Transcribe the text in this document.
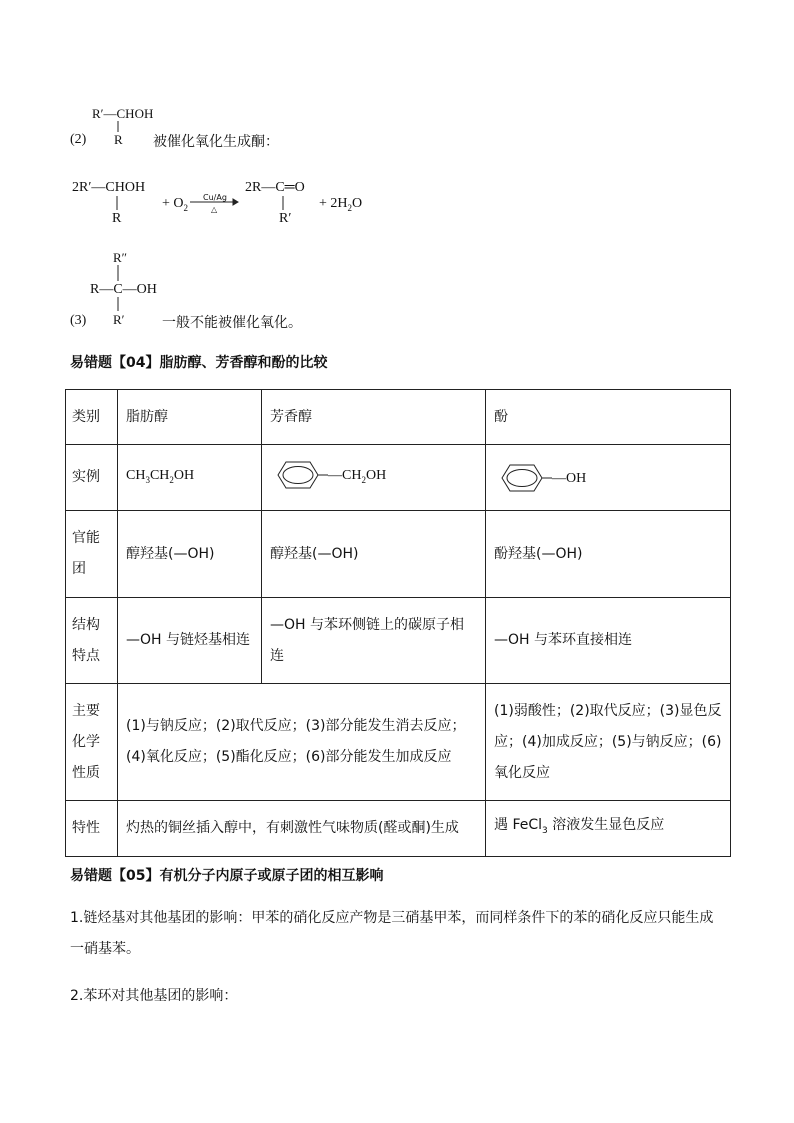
R′—CHOH
(2) R 被催化氧化生成酮：
2R′—CHOH
R
+ $O_2$
Cu/Ag
△
2R—C═O
R′
+ $2H_2O$
R″
R—C—OH
R′
(3)	一般不能被催化氧化。
易错题【04】脂肪醇、芳香醇和酚的比较
类别	脂肪醇	芳香醇	酚
实例	$CH_3CH_2OH$	$—CH_2OH$	—OH
官能
团	醇羟基(—OH)	醇羟基(—OH)	酚羟基(—OH)
结构
特点	—OH 与链烃基相连	—OH 与苯环侧链上的碳原子相连	—OH 与苯环直接相连
主要
化学
性质	(1)与钠反应；(2)取代反应；(3)部分能发生消去反应；(4)氧化反应；(5)酯化反应；(6)部分能发生加成反应		(1)弱酸性；(2)取代反应；(3)显色反应；(4)加成反应；(5)与钠反应；(6)氧化反应
特性	灼热的铜丝插入醇中，有刺激性气味物质(醛或酮)生成		遇 FeCl$_3$ 溶液发生显色反应
易错题【05】有机分子内原子或原子团的相互影响
1.链烃基对其他基团的影响：甲苯的硝化反应产物是三硝基甲苯，而同样条件下的苯的硝化反应只能生成一硝基苯。
2.苯环对其他基团的影响：
